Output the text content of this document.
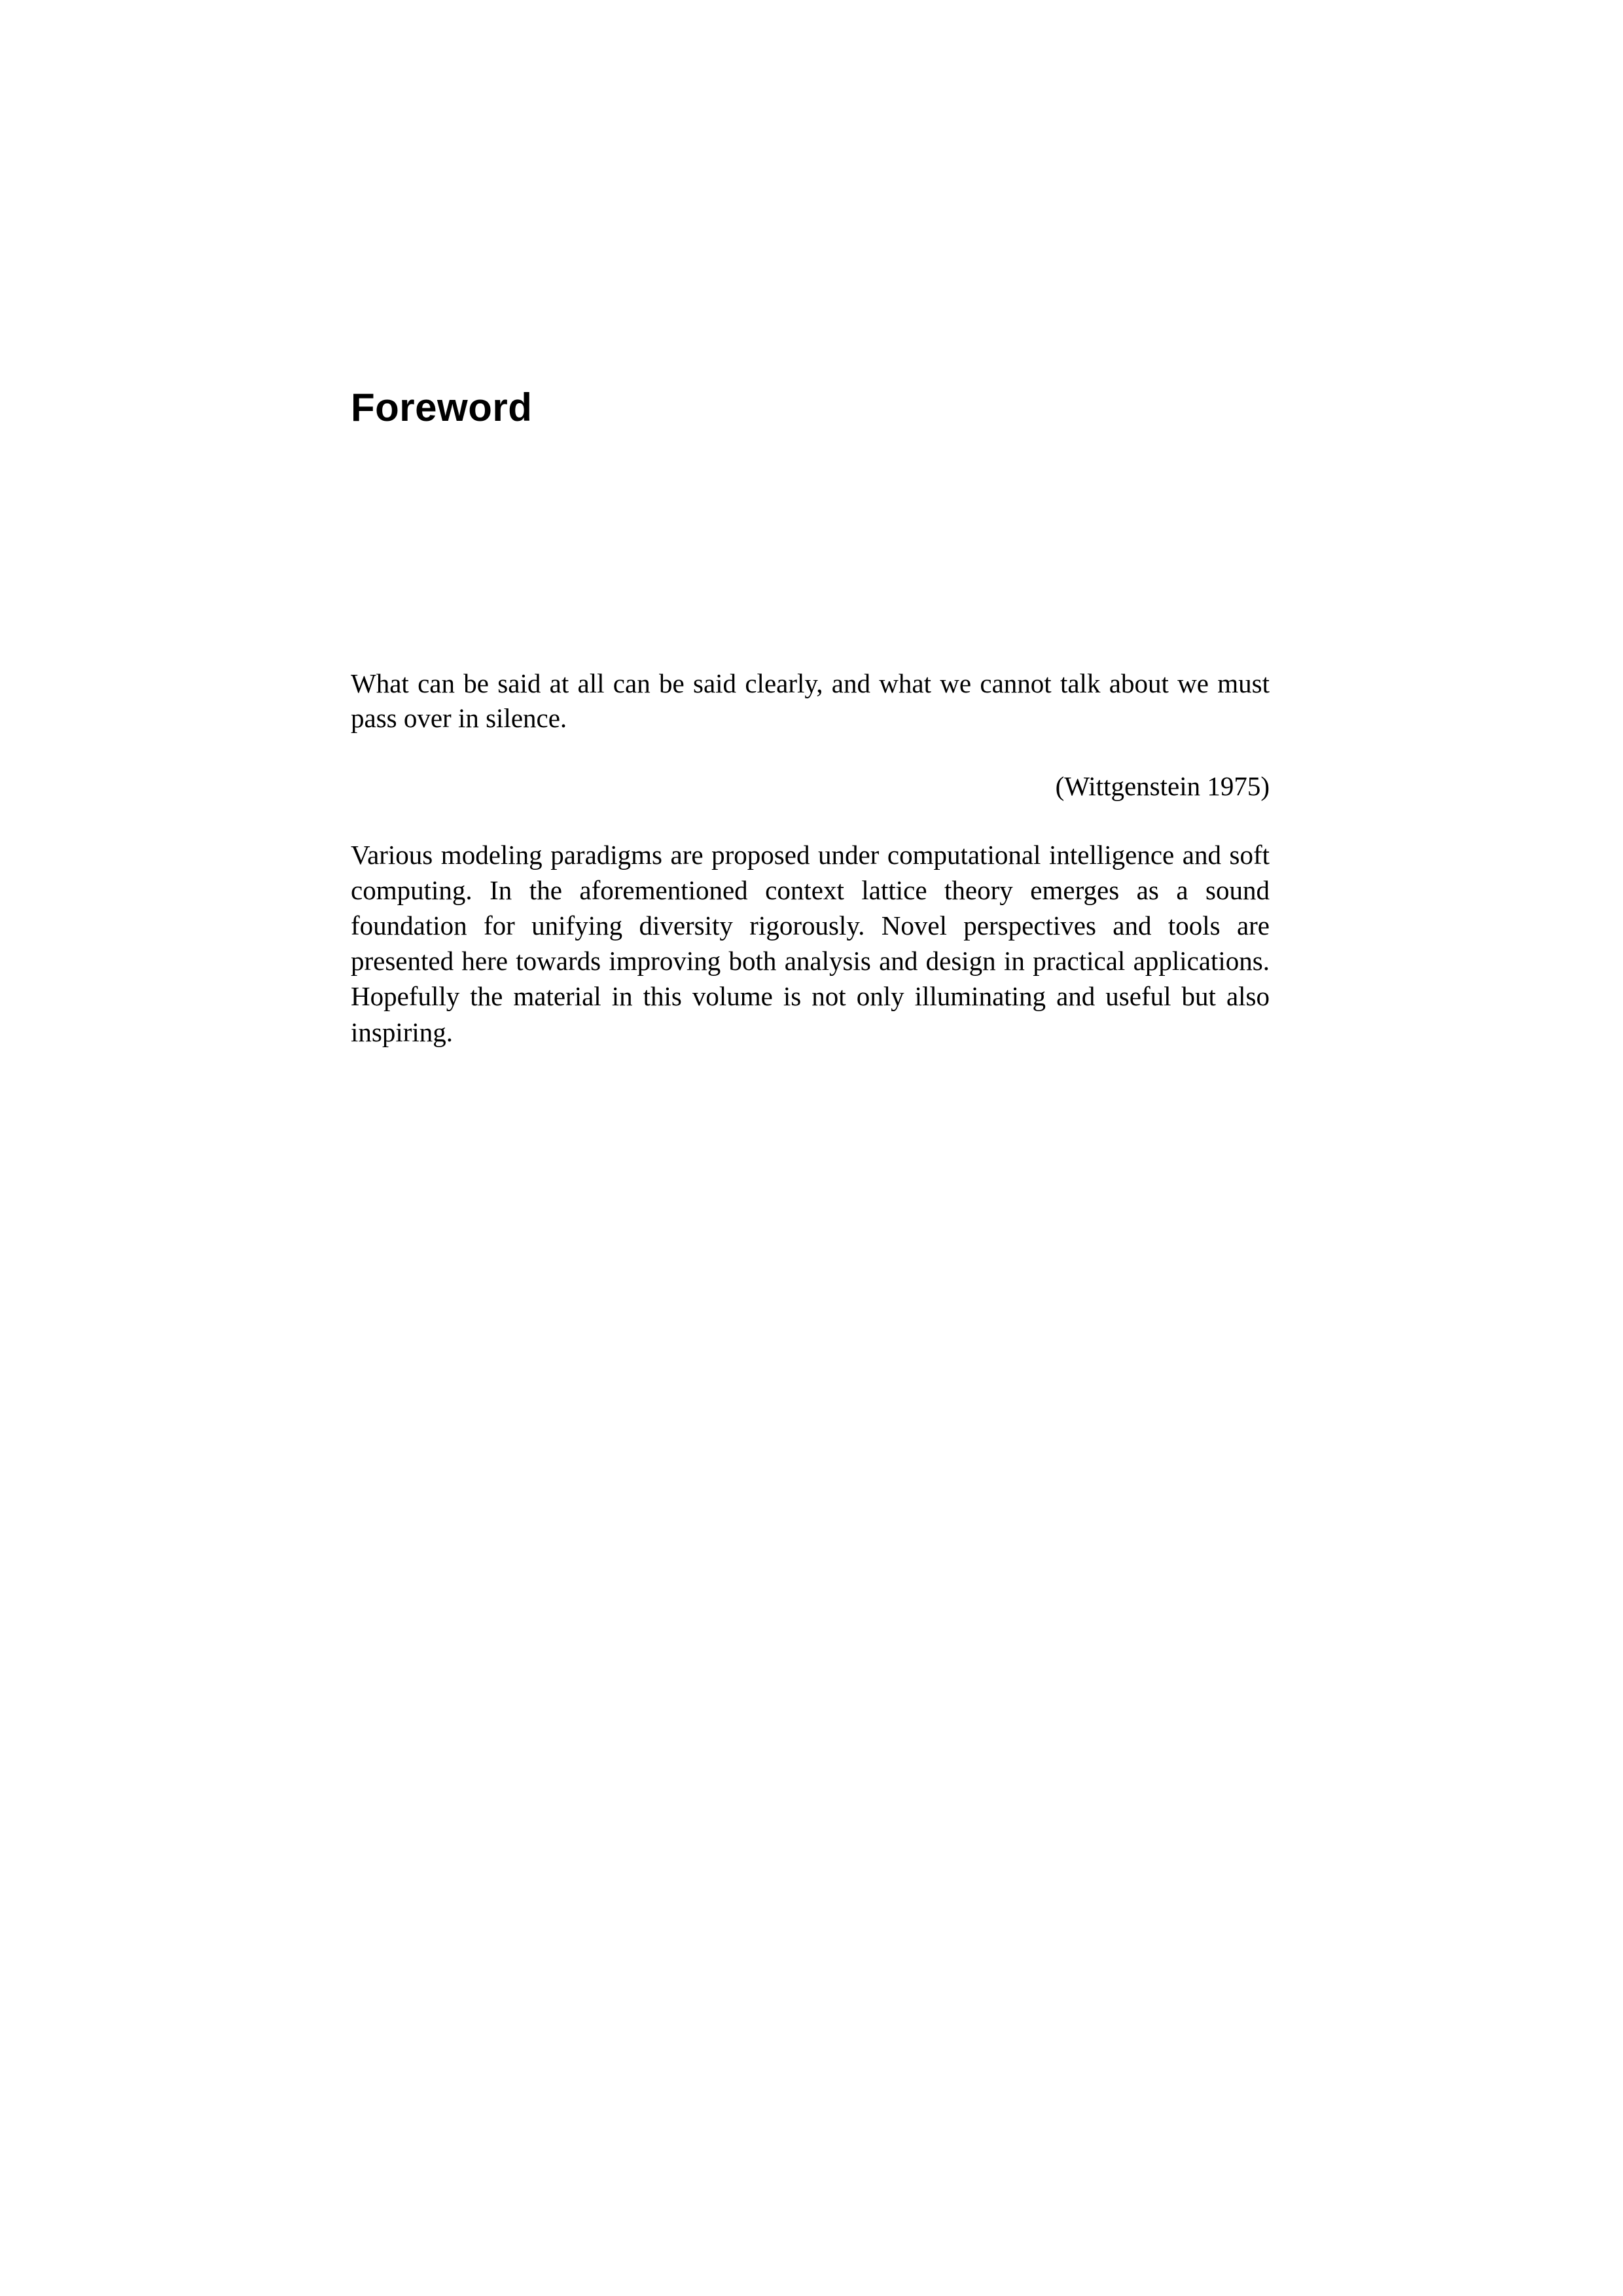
Foreword

What can be said at all can be said clearly, and what we cannot talk about we must pass over in silence.

(Wittgenstein 1975)

Various modeling paradigms are proposed under computational intelligence and soft computing. In the aforementioned context lattice theory emerges as a sound foundation for unifying diversity rigorously. Novel perspectives and tools are presented here towards improving both analysis and design in practical applications. Hopefully the material in this volume is not only illuminating and useful but also inspiring.
